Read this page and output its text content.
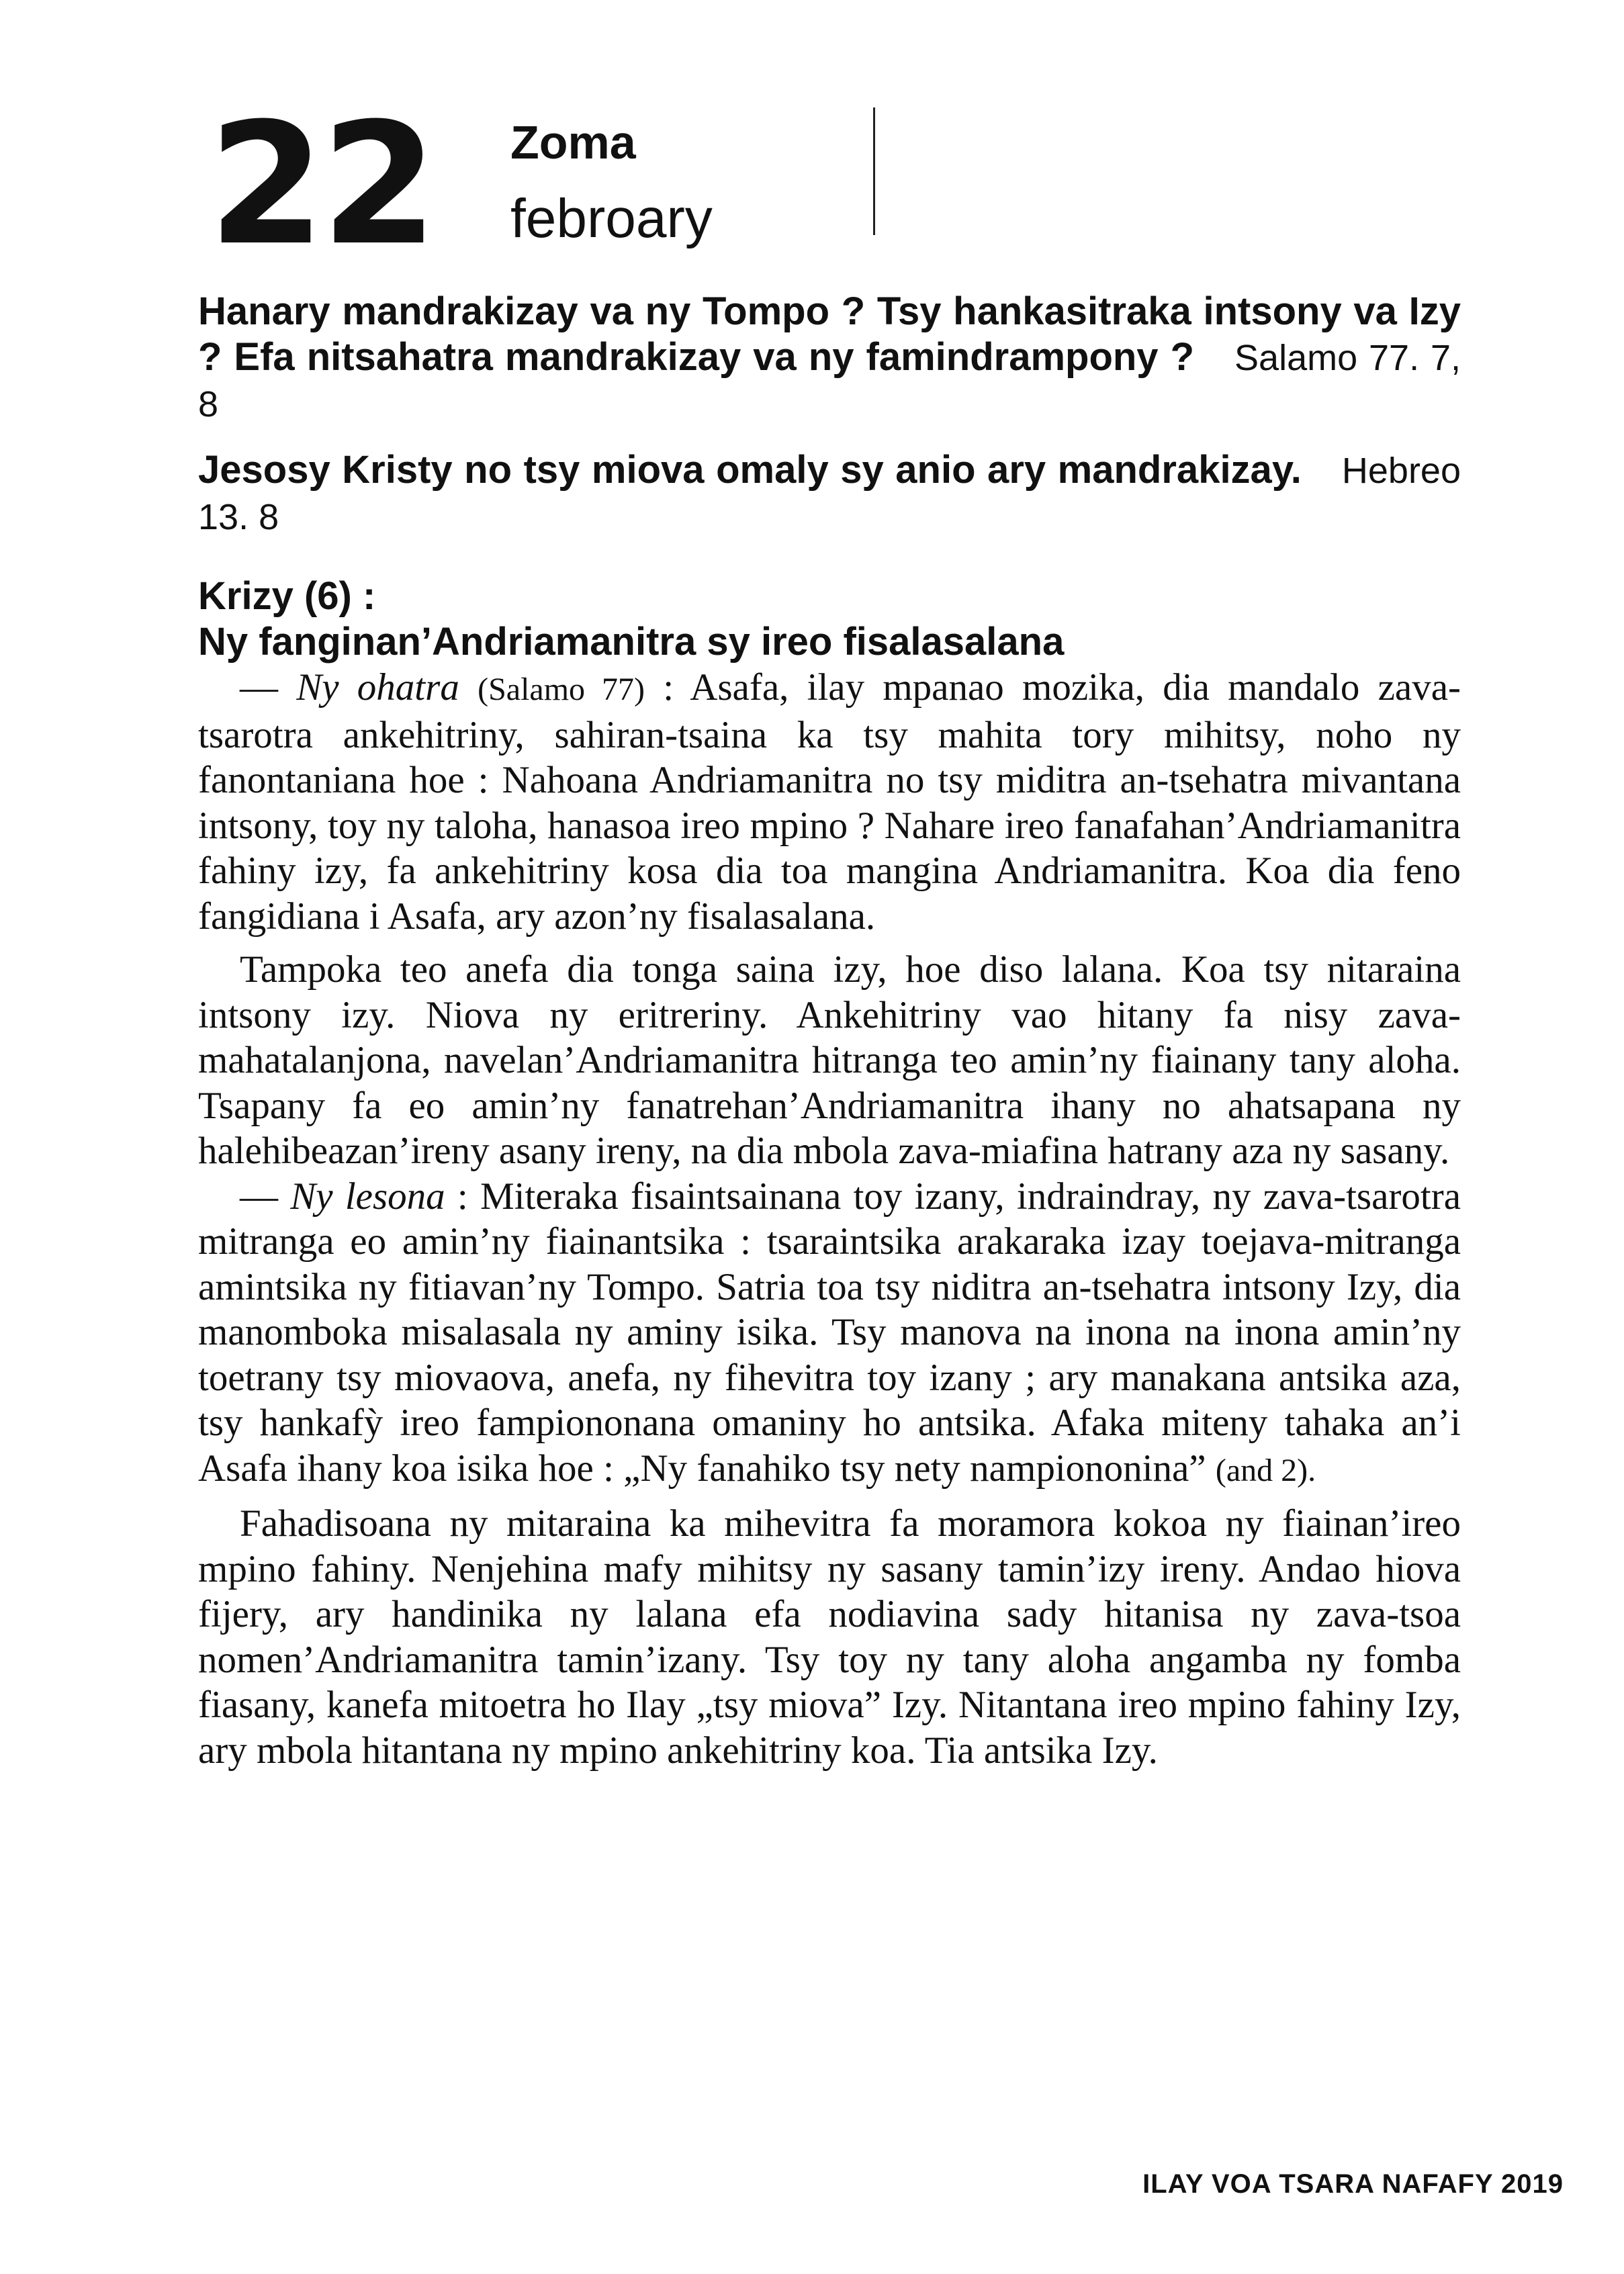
22 Zoma
febroary

Hanary mandrakizay va ny Tompo ? Tsy hankasitraka intsony va Izy ? Efa nitsahatra mandrakizay va ny famindrampony ? Salamo 77. 7, 8

Jesosy Kristy no tsy miova omaly sy anio ary mandrakizay. Hebreo 13. 8

Krizy (6) :
Ny fanginan’Andriamanitra sy ireo fisalasalana

— Ny ohatra (Salamo 77) : Asafa, ilay mpanao mozika, dia mandalo zava-tsarotra ankehitriny, sahiran-tsaina ka tsy mahita tory mihitsy, noho ny fanontaniana hoe : Nahoana Andriamanitra no tsy miditra an-tsehatra mivantana intsony, toy ny taloha, hanasoa ireo mpino ? Nahare ireo fanafahan’Andriamanitra fahiny izy, fa ankehitriny kosa dia toa mangina Andriamanitra. Koa dia feno fangidiana i Asafa, ary azon’ny fisalasalana.

Tampoka teo anefa dia tonga saina izy, hoe diso lalana. Koa tsy nitaraina intsony izy. Niova ny eritreriny. Ankehitriny vao hitany fa nisy zava-mahatalanjona, navelan’Andriamanitra hitranga teo amin’ny fiainany tany aloha. Tsapany fa eo amin’ny fanatrehan’Andriamanitra ihany no ahatsapana ny halehibeazan’ireny asany ireny, na dia mbola zava-miafina hatrany aza ny sasany.

— Ny lesona : Miteraka fisaintsainana toy izany, indraindray, ny zava-tsarotra mitranga eo amin’ny fiainantsika : tsaraintsika arakaraka izay toejava-mitranga amintsika ny fitiavan’ny Tompo. Satria toa tsy niditra an-tsehatra intsony Izy, dia manomboka misalasala ny aminy isika. Tsy manova na inona na inona amin’ny toetrany tsy miovaova, anefa, ny fihevitra toy izany ; ary manakana antsika aza, tsy hankafỳ ireo fampiononana omaniny ho antsika. Afaka miteny tahaka an’i Asafa ihany koa isika hoe : „Ny fanahiko tsy nety nampiononina” (and 2).

Fahadisoana ny mitaraina ka mihevitra fa moramora kokoa ny fiainan’ireo mpino fahiny. Nenjehina mafy mihitsy ny sasany tamin’izy ireny. Andao hiova fijery, ary handinika ny lalana efa nodiavina sady hitanisa ny zava-tsoa nomen’Andriamanitra tamin’izany. Tsy toy ny tany aloha angamba ny fomba fiasany, kanefa mitoetra ho Ilay „tsy miova” Izy. Nitantana ireo mpino fahiny Izy, ary mbola hitantana ny mpino ankehitriny koa. Tia antsika Izy.

ILAY VOA TSARA NAFAFY 2019
